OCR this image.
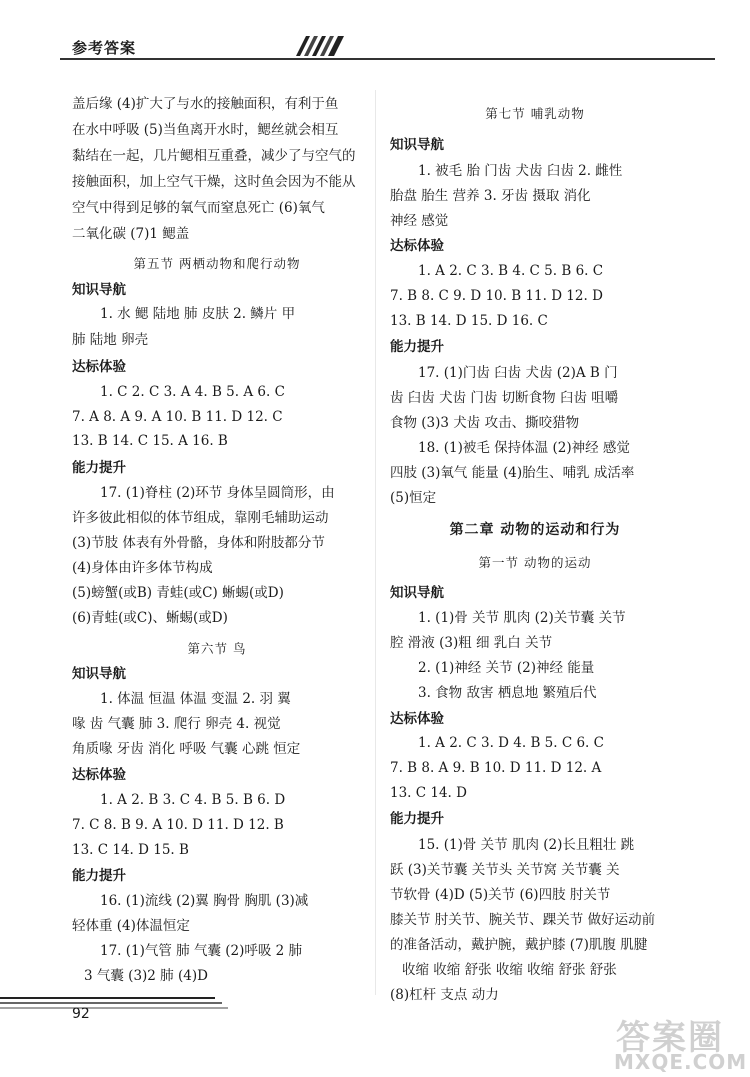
参考答案
盖后缘 (4)扩大了与水的接触面积，有利于鱼
在水中呼吸 (5)当鱼离开水时，鳃丝就会相互
黏结在一起，几片鳃相互重叠，减少了与空气的
接触面积，加上空气干燥，这时鱼会因为不能从
空气中得到足够的氧气而窒息死亡 (6)氧气
二氧化碳 (7)1 鳃盖
第五节 两栖动物和爬行动物
知识导航
1. 水 鳃 陆地 肺 皮肤 2. 鳞片 甲
肺 陆地 卵壳
达标体验
1. C 2. C 3. A 4. B 5. A 6. C
7. A 8. A 9. A 10. B 11. D 12. C
13. B 14. C 15. A 16. B
能力提升
17. (1)脊柱 (2)环节 身体呈圆筒形，由
许多彼此相似的体节组成，靠刚毛辅助运动
(3)节肢 体表有外骨骼，身体和附肢都分节
(4)身体由许多体节构成
(5)螃蟹(或B) 青蛙(或C) 蜥蜴(或D)
(6)青蛙(或C)、蜥蜴(或D)
第六节 鸟
知识导航
1. 体温 恒温 体温 变温 2. 羽 翼
喙 齿 气囊 肺 3. 爬行 卵壳 4. 视觉
角质喙 牙齿 消化 呼吸 气囊 心跳 恒定
达标体验
1. A 2. B 3. C 4. B 5. B 6. D
7. C 8. B 9. A 10. D 11. D 12. B
13. C 14. D 15. B
能力提升
16. (1)流线 (2)翼 胸骨 胸肌 (3)减
轻体重 (4)体温恒定
17. (1)气管 肺 气囊 (2)呼吸 2 肺
3 气囊 (3)2 肺 (4)D
第七节 哺乳动物
知识导航
1. 被毛 胎 门齿 犬齿 臼齿 2. 雌性
胎盘 胎生 营养 3. 牙齿 摄取 消化
神经 感觉
达标体验
1. A 2. C 3. B 4. C 5. B 6. C
7. B 8. C 9. D 10. B 11. D 12. D
13. B 14. D 15. D 16. C
能力提升
17. (1)门齿 臼齿 犬齿 (2)A B 门
齿 臼齿 犬齿 门齿 切断食物 臼齿 咀嚼
食物 (3)3 犬齿 攻击、撕咬猎物
18. (1)被毛 保持体温 (2)神经 感觉
四肢 (3)氧气 能量 (4)胎生、哺乳 成活率
(5)恒定
第二章 动物的运动和行为
第一节 动物的运动
知识导航
1. (1)骨 关节 肌肉 (2)关节囊 关节
腔 滑液 (3)粗 细 乳白 关节
2. (1)神经 关节 (2)神经 能量
3. 食物 敌害 栖息地 繁殖后代
达标体验
1. A 2. C 3. D 4. B 5. C 6. C
7. B 8. A 9. B 10. D 11. D 12. A
13. C 14. D
能力提升
15. (1)骨 关节 肌肉 (2)长且粗壮 跳
跃 (3)关节囊 关节头 关节窝 关节囊 关
节软骨 (4)D (5)关节 (6)四肢 肘关节
膝关节 肘关节、腕关节、踝关节 做好运动前
的准备活动，戴护腕，戴护膝 (7)肌腹 肌腱
收缩 收缩 舒张 收缩 收缩 舒张 舒张
(8)杠杆 支点 动力
92
答案圈
MXQE.COM
